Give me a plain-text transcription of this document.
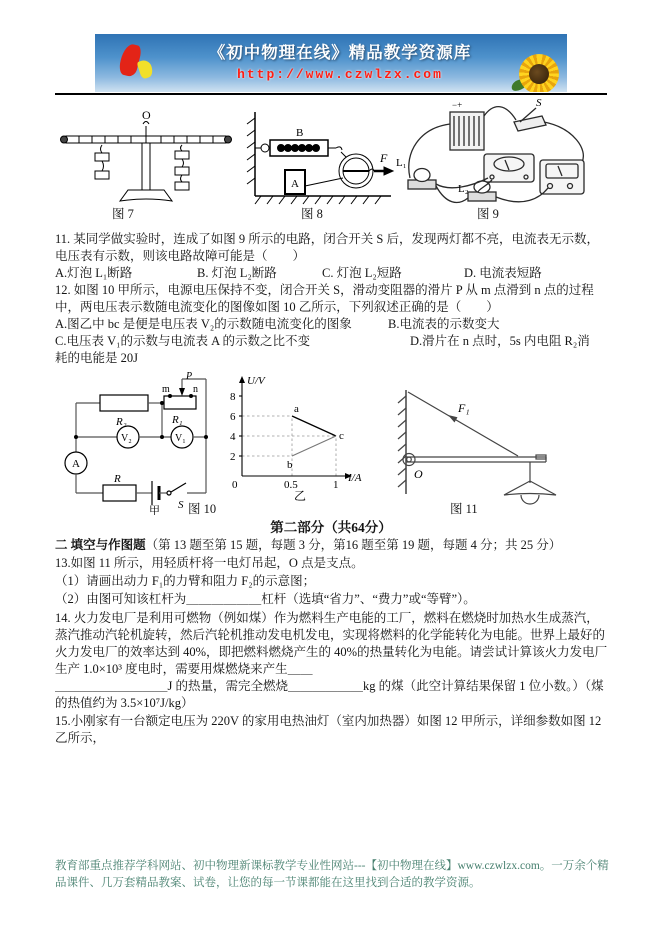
《初中物理在线》精品教学资源库
http://www.czwlzx.com
O
B
A
F
−+	S
L₁
L₂
图 7	图 8	图 9

11. 某同学做实验时，连成了如图 9 所示的电路，闭合开关 S 后，发现两灯都不亮，电流表无示数，电压表有示数，则该电路故障可能是（　　）

A.灯泡 L₁断路	B. 灯泡 L₂断路	C. 灯泡 L₂短路	D. 电流表短路

12. 如图 10 甲所示，电源电压保持不变，闭合开关 S，滑动变阻器的滑片 P 从 m 点滑到 n 点的过程中，两电压表示数随电流变化的图像如图 10 乙所示，下列叙述正确的是（　　）

A.图乙中 bc 是便是电压表 V₂的示数随电流变化的图象	B.电流表的示数变大
C.电压表 V₁的示数与电流表 A 的示数之比不变	D.滑片在 n 点时，5s 内电阻 R₂消

耗的电能是 20J

R₂	R₁
m n
P
V₂	V₁
A
R
S
甲
U/V
I/A
8
6
4
2
0	0.5	1
a
b
c
乙
F₁
O
图 10	图 11

第二部分（共64分）

二 填空与作图题（第 13 题至第 15 题，每题 3 分，第16 题至第 19 题，每题 4 分；共 25 分）

13.如图 11 所示，用轻质杆将一电灯吊起，O 点是支点。

（1）请画出动力 F₁的力臂和阻力 F₂的示意图；

（2）由图可知该杠杆为＿＿＿＿＿＿杠杆（选填“省力”、“费力”或“等臂”）。

14. 火力发电厂是利用可燃物（例如煤）作为燃料生产电能的工厂，燃料在燃烧时加热水生成蒸汽，蒸汽推动汽轮机旋转，然后汽轮机推动发电机发电，实现将燃料的化学能转化为电能。世界上最好的火力发电厂的效率达到 40%，即把燃料燃烧产生的 40%的热量转化为电能。请尝试计算该火力发电厂生产 1.0×10³ 度电时，需要用煤燃烧来产生＿＿

＿＿＿＿＿＿＿＿＿J 的热量，需完全燃烧＿＿＿＿＿＿kg 的煤（此空计算结果保留 1 位小数。）（煤的热值约为 3.5×10⁷J/kg）

15.小刚家有一台额定电压为 220V 的家用电热油灯（室内加热器）如图 12 甲所示，详细参数如图 12 乙所示，

教育部重点推荐学科网站、初中物理新课标教学专业性网站---【初中物理在线】www.czwlzx.com。一万余个精品课件、几万套精品教案、试卷，让您的每一节课都能在这里找到合适的教学资源。
